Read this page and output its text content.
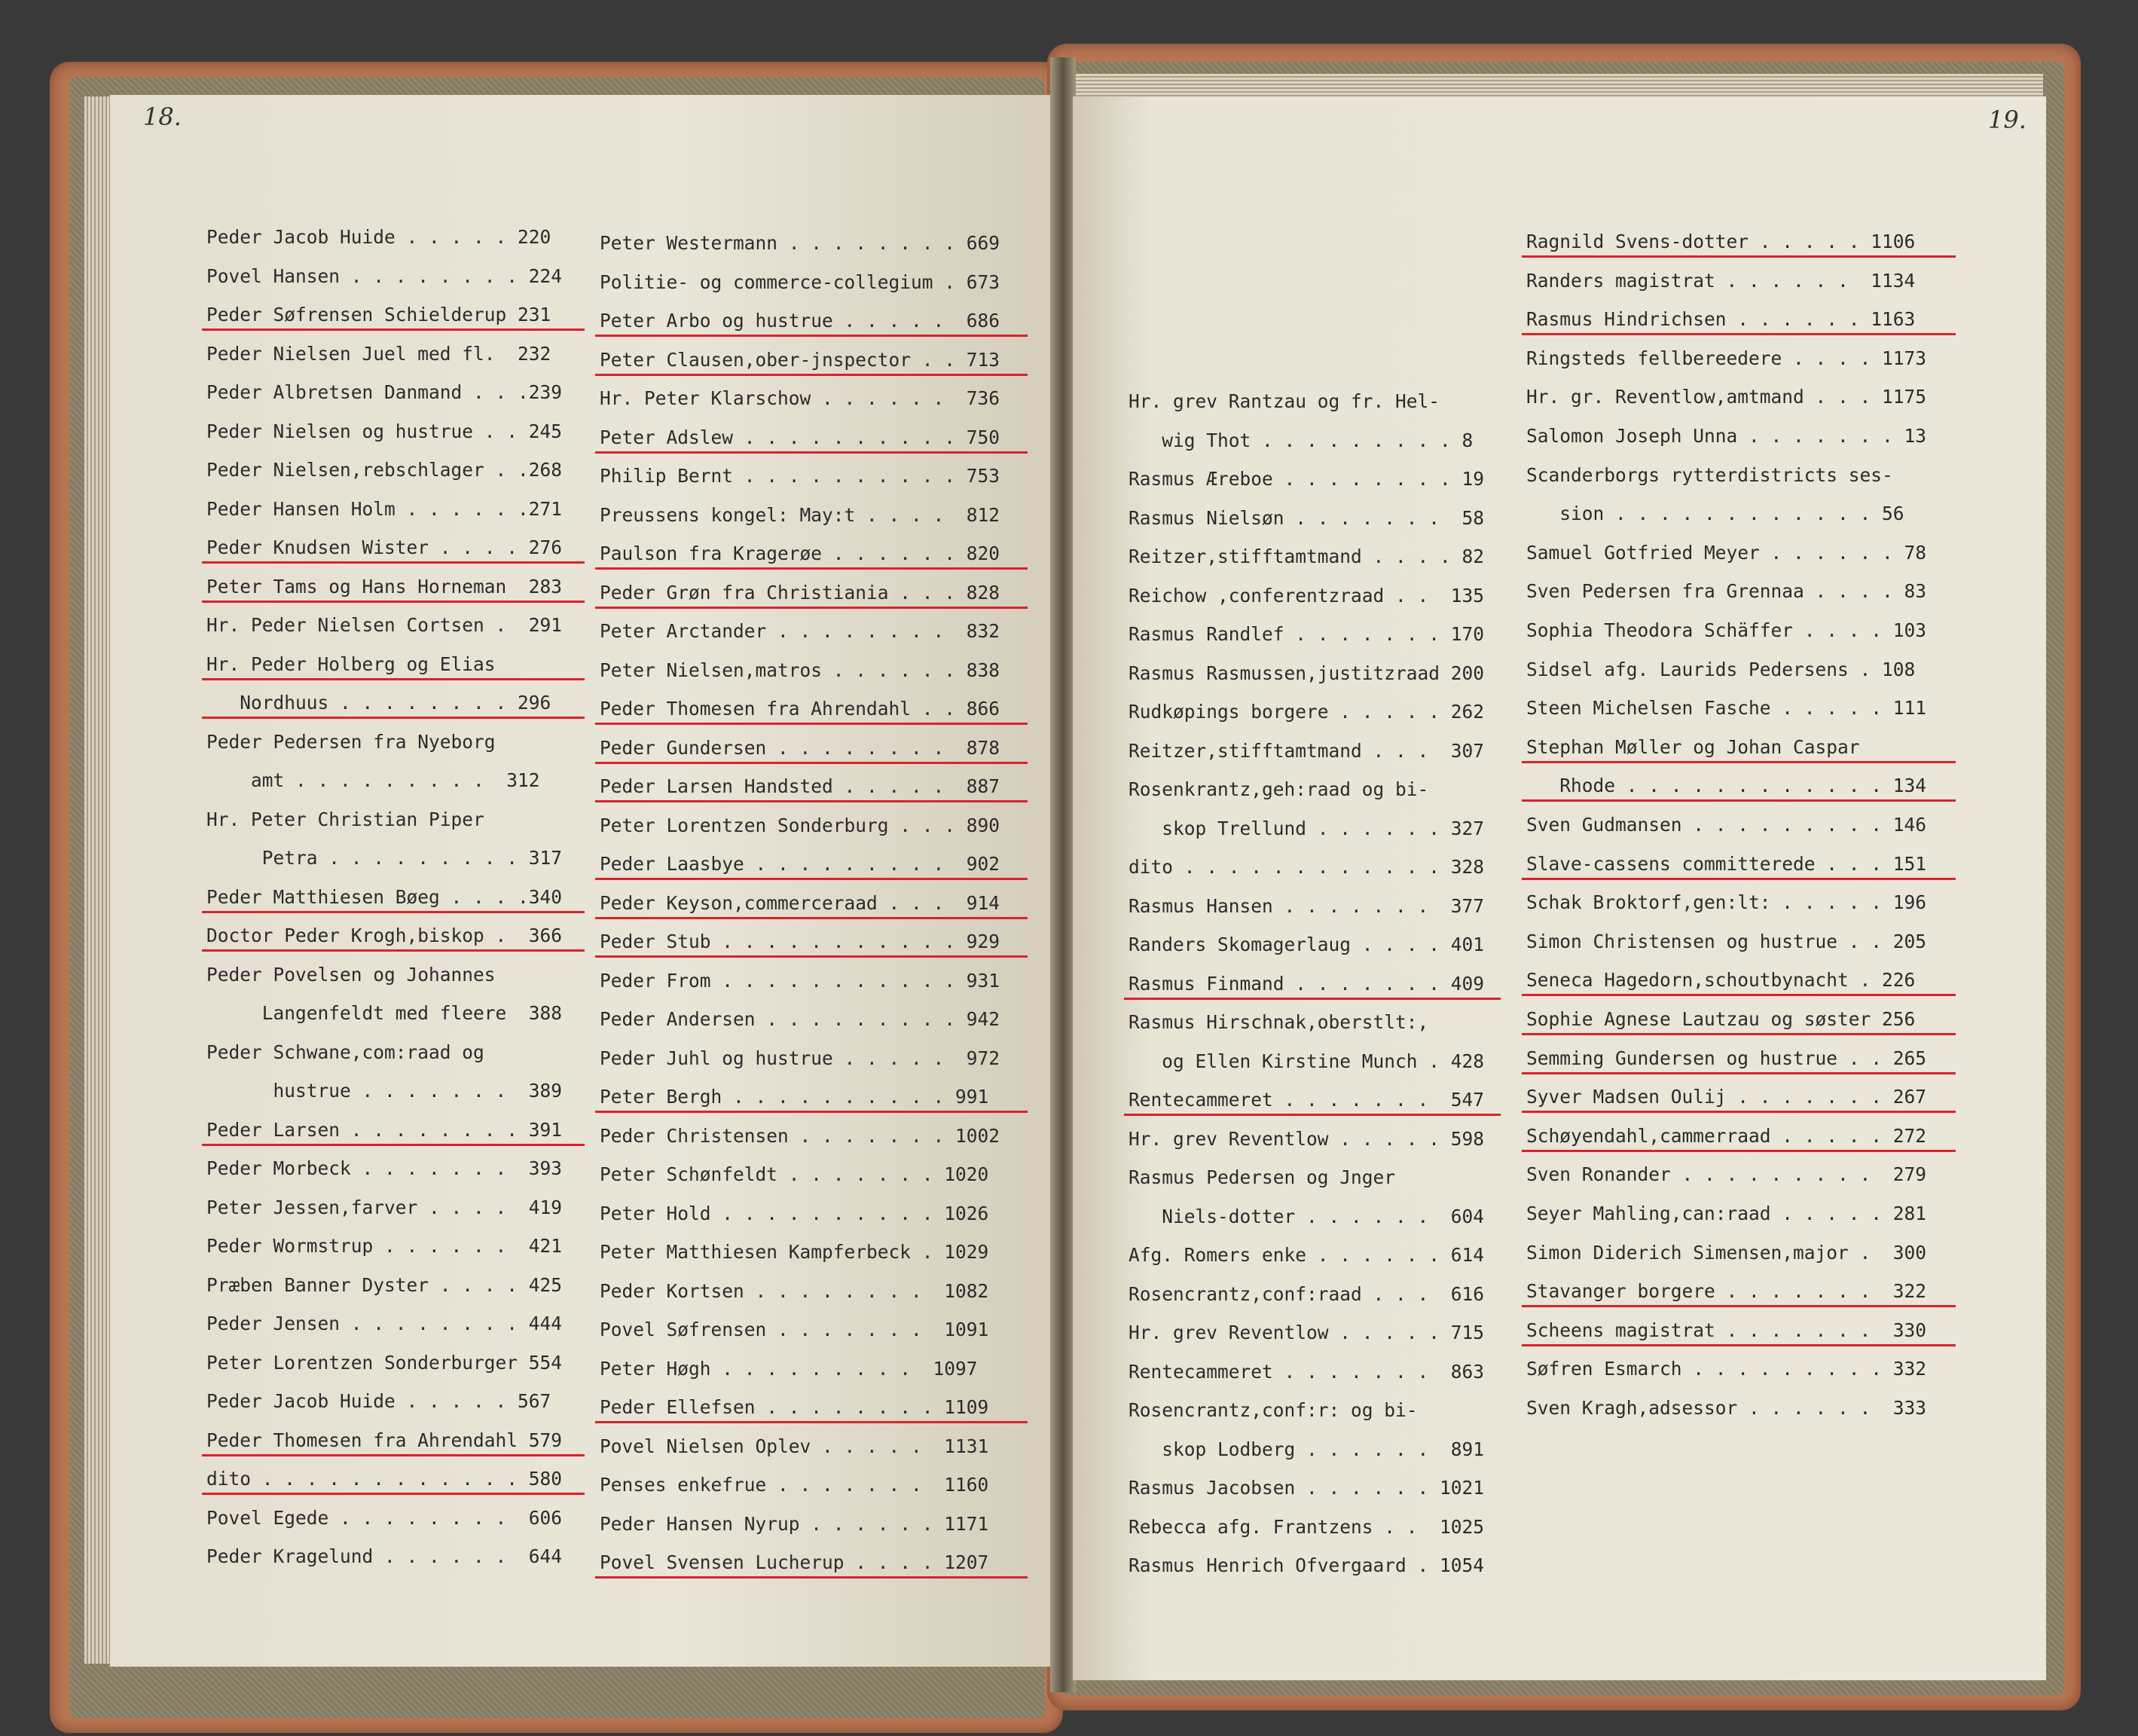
18.
Peder Jacob Huide . . . . . 220
Povel Hansen . . . . . . . . 224
Peder Søfrensen Schielderup 231
Peder Nielsen Juel med fl.  232
Peder Albretsen Danmand . . .239
Peder Nielsen og hustrue . . 245
Peder Nielsen,rebschlager . .268
Peder Hansen Holm . . . . . .271
Peder Knudsen Wister . . . . 276
Peter Tams og Hans Horneman  283
Hr. Peder Nielsen Cortsen .  291
Hr. Peder Holberg og Elias
Nordhuus . . . . . . . . 296
Peder Pedersen fra Nyeborg
amt . . . . . . . . .  312
Hr. Peter Christian Piper
Petra . . . . . . . . . 317
Peder Matthiesen Bøeg . . . .340
Doctor Peder Krogh,biskop .  366
Peder Povelsen og Johannes
Langenfeldt med fleere  388
Peder Schwane,com:raad og
hustrue . . . . . . .  389
Peder Larsen . . . . . . . . 391
Peder Morbeck . . . . . . .  393
Peter Jessen,farver . . . .  419
Peder Wormstrup . . . . . .  421
Præben Banner Dyster . . . . 425
Peder Jensen . . . . . . . . 444
Peter Lorentzen Sonderburger 554
Peder Jacob Huide . . . . . 567
Peder Thomesen fra Ahrendahl 579
dito . . . . . . . . . . . . 580
Povel Egede . . . . . . . .  606
Peder Kragelund . . . . . .  644
Peter Westermann . . . . . . . . 669
Politie- og commerce-collegium . 673
Peter Arbo og hustrue . . . . .  686
Peter Clausen,ober-jnspector . . 713
Hr. Peter Klarschow . . . . . .  736
Peter Adslew . . . . . . . . . . 750
Philip Bernt . . . . . . . . . . 753
Preussens kongel: May:t . . . .  812
Paulson fra Kragerøe . . . . . . 820
Peder Grøn fra Christiania . . . 828
Peter Arctander . . . . . . . .  832
Peter Nielsen,matros . . . . . . 838
Peder Thomesen fra Ahrendahl . . 866
Peder Gundersen . . . . . . . .  878
Peder Larsen Handsted . . . . .  887
Peter Lorentzen Sonderburg . . . 890
Peder Laasbye . . . . . . . . .  902
Peder Keyson,commerceraad . . .  914
Peder Stub . . . . . . . . . . . 929
Peder From . . . . . . . . . . . 931
Peder Andersen . . . . . . . . . 942
Peder Juhl og hustrue . . . . .  972
Peter Bergh . . . . . . . . . . 991
Peder Christensen . . . . . . . 1002
Peter Schønfeldt . . . . . . . 1020
Peter Hold . . . . . . . . . . 1026
Peter Matthiesen Kampferbeck . 1029
Peder Kortsen . . . . . . . .  1082
Povel Søfrensen . . . . . . .  1091
Peter Høgh . . . . . . . . .  1097
Peder Ellefsen . . . . . . . . 1109
Povel Nielsen Oplev . . . . .  1131
Penses enkefrue . . . . . . .  1160
Peder Hansen Nyrup . . . . . . 1171
Povel Svensen Lucherup . . . . 1207
19.
Hr. grev Rantzau og fr. Hel-
wig Thot . . . . . . . . . 8
Rasmus Æreboe . . . . . . . . 19
Rasmus Nielsøn . . . . . . .  58
Reitzer,stifftamtmand . . . . 82
Reichow ,conferentzraad . .  135
Rasmus Randlef . . . . . . . 170
Rasmus Rasmussen,justitzraad 200
Rudkøpings borgere . . . . . 262
Reitzer,stifftamtmand . . .  307
Rosenkrantz,geh:raad og bi-
skop Trellund . . . . . . 327
dito . . . . . . . . . . . . 328
Rasmus Hansen . . . . . . .  377
Randers Skomagerlaug . . . . 401
Rasmus Finmand . . . . . . . 409
Rasmus Hirschnak,oberstlt:,
og Ellen Kirstine Munch . 428
Rentecammeret . . . . . . .  547
Hr. grev Reventlow . . . . . 598
Rasmus Pedersen og Jnger
Niels-dotter . . . . . .  604
Afg. Romers enke . . . . . . 614
Rosencrantz,conf:raad . . .  616
Hr. grev Reventlow . . . . . 715
Rentecammeret . . . . . . .  863
Rosencrantz,conf:r: og bi-
skop Lodberg . . . . . .  891
Rasmus Jacobsen . . . . . . 1021
Rebecca afg. Frantzens . .  1025
Rasmus Henrich Ofvergaard . 1054
Ragnild Svens-dotter . . . . . 1106
Randers magistrat . . . . . .  1134
Rasmus Hindrichsen . . . . . . 1163
Ringsteds fellbereedere . . . . 1173
Hr. gr. Reventlow,amtmand . . . 1175
Salomon Joseph Unna . . . . . . . 13
Scanderborgs rytterdistricts ses-
sion . . . . . . . . . . . . 56
Samuel Gotfried Meyer . . . . . . 78
Sven Pedersen fra Grennaa . . . . 83
Sophia Theodora Schäffer . . . . 103
Sidsel afg. Laurids Pedersens . 108
Steen Michelsen Fasche . . . . . 111
Stephan Møller og Johan Caspar
Rhode . . . . . . . . . . . . 134
Sven Gudmansen . . . . . . . . . 146
Slave-cassens committerede . . . 151
Schak Broktorf,gen:lt: . . . . . 196
Simon Christensen og hustrue . . 205
Seneca Hagedorn,schoutbynacht . 226
Sophie Agnese Lautzau og søster 256
Semming Gundersen og hustrue . . 265
Syver Madsen Oulij . . . . . . . 267
Schøyendahl,cammerraad . . . . . 272
Sven Ronander . . . . . . . . .  279
Seyer Mahling,can:raad . . . . . 281
Simon Diderich Simensen,major .  300
Stavanger borgere . . . . . . .  322
Scheens magistrat . . . . . . .  330
Søfren Esmarch . . . . . . . . . 332
Sven Kragh,adsessor . . . . . .  333
